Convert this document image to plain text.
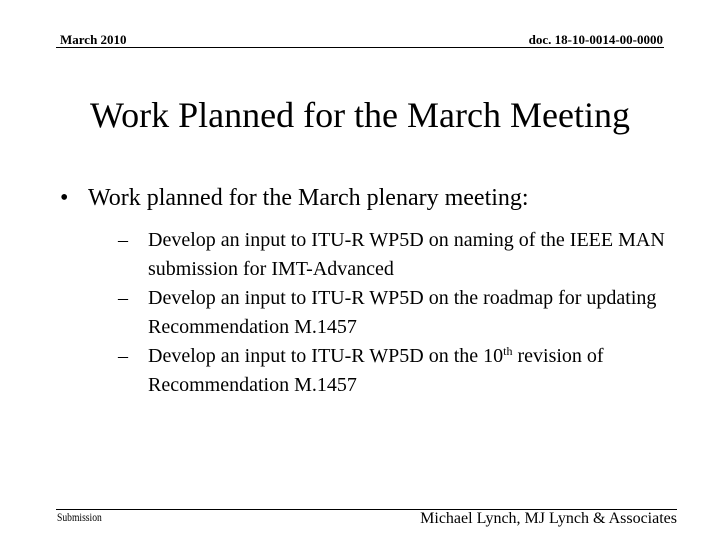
March 2010	doc. 18-10-0014-00-0000
Work Planned for the March Meeting
• Work planned for the March plenary meeting:
–	Develop an input to ITU-R WP5D on naming of the IEEE MAN submission for IMT-Advanced
–	Develop an input to ITU-R WP5D on the roadmap for updating Recommendation M.1457
–	Develop an input to ITU-R WP5D on the 10th revision of Recommendation M.1457
Submission	Michael Lynch, MJ Lynch & Associates
